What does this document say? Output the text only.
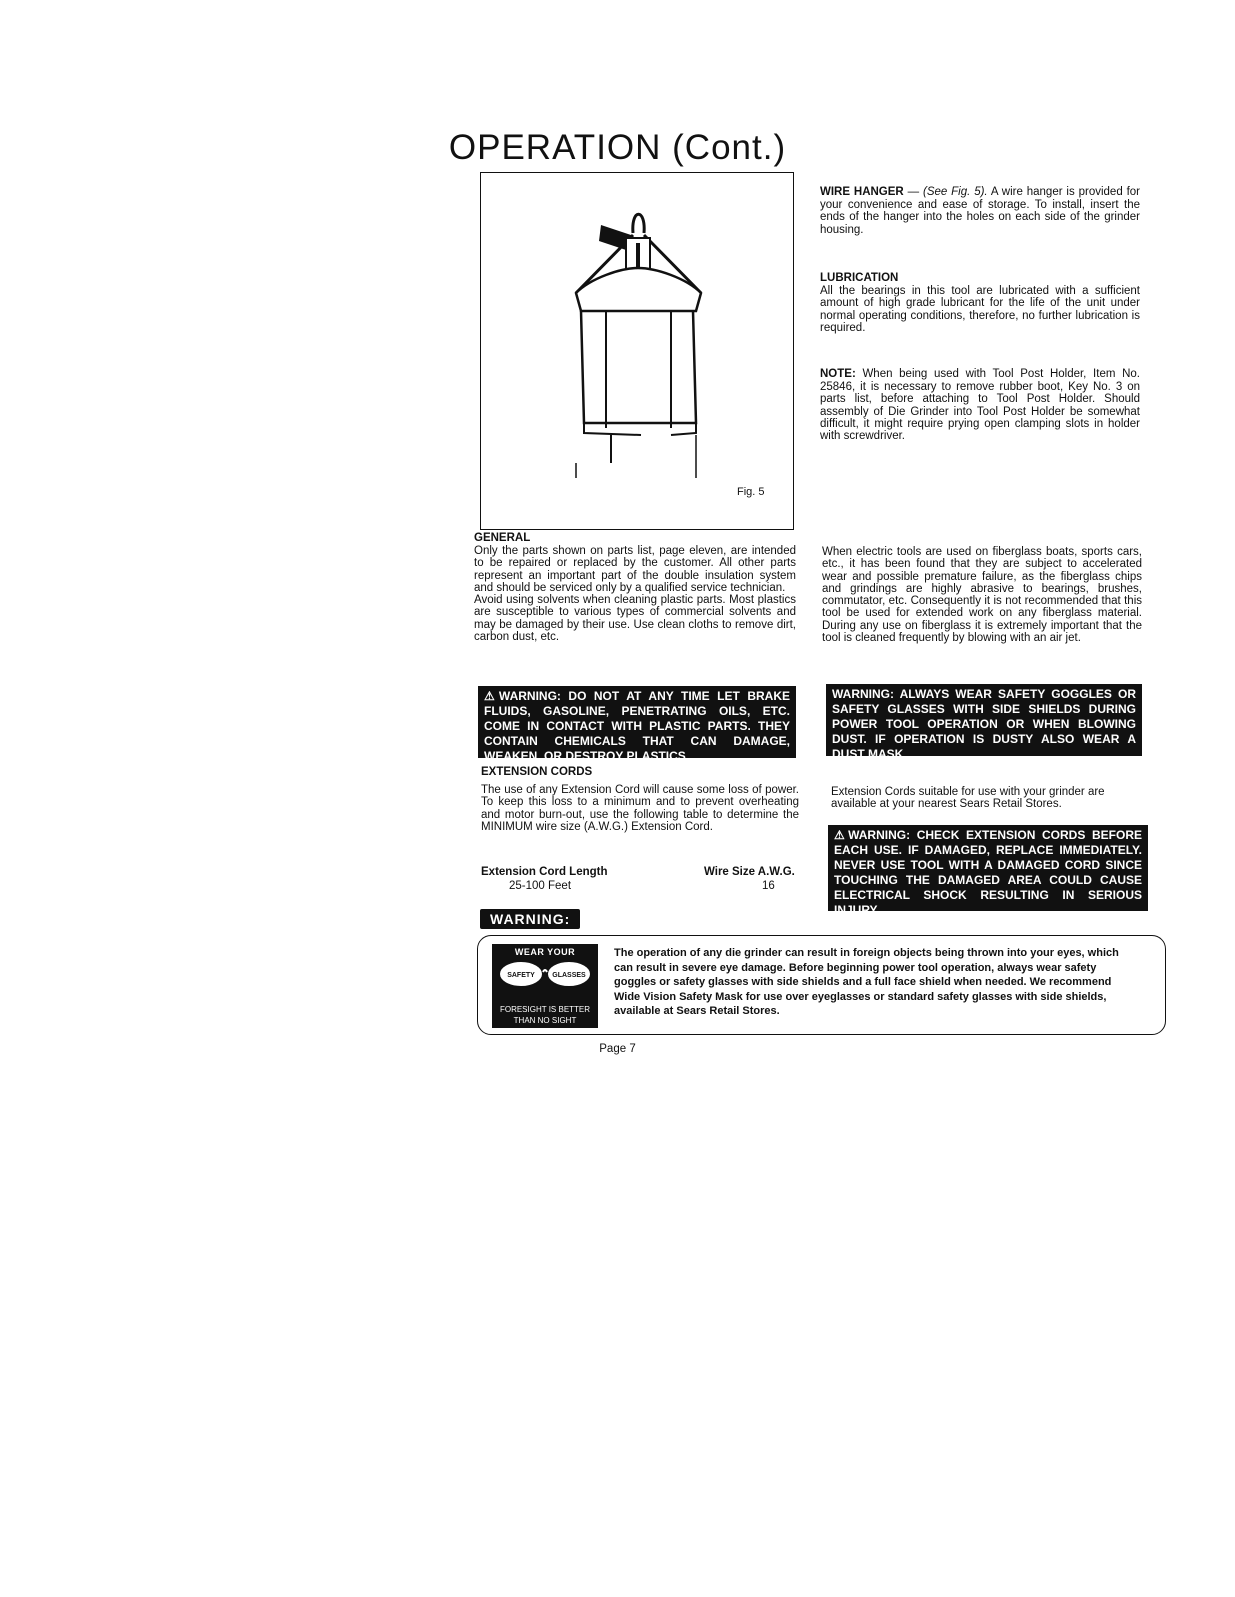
OPERATION (Cont.)
Fig. 5

WIRE HANGER — (See Fig. 5). A wire hanger is provided for your convenience and ease of storage. To install, insert the ends of the hanger into the holes on each side of the grinder housing.

LUBRICATION

All the bearings in this tool are lubricated with a sufficient amount of high grade lubricant for the life of the unit under normal operating conditions, therefore, no further lubrication is required.

NOTE: When being used with Tool Post Holder, Item No. 25846, it is necessary to remove rubber boot, Key No. 3 on parts list, before attaching to Tool Post Holder. Should assembly of Die Grinder into Tool Post Holder be somewhat difficult, it might require prying open clamping slots in holder with screwdriver.

GENERAL

Only the parts shown on parts list, page eleven, are intended to be repaired or replaced by the customer. All other parts represent an important part of the double insulation system and should be serviced only by a qualified service technician.

Avoid using solvents when cleaning plastic parts. Most plastics are susceptible to various types of commercial solvents and may be damaged by their use. Use clean cloths to remove dirt, carbon dust, etc.

When electric tools are used on fiberglass boats, sports cars, etc., it has been found that they are subject to accelerated wear and possible premature failure, as the fiberglass chips and grindings are highly abrasive to bearings, brushes, commutator, etc. Consequently it is not recommended that this tool be used for extended work on any fiberglass material. During any use on fiberglass it is extremely important that the tool is cleaned frequently by blowing with an air jet.

⚠WARNING: DO NOT AT ANY TIME LET BRAKE FLUIDS, GASOLINE, PENETRATING OILS, ETC. COME IN CONTACT WITH PLASTIC PARTS. THEY CONTAIN CHEMICALS THAT CAN DAMAGE, WEAKEN, OR DESTROY PLASTICS.
WARNING: ALWAYS WEAR SAFETY GOGGLES OR SAFETY GLASSES WITH SIDE SHIELDS DURING POWER TOOL OPERATION OR WHEN BLOWING DUST. IF OPERATION IS DUSTY ALSO WEAR A DUST MASK.
EXTENSION CORDS

The use of any Extension Cord will cause some loss of power. To keep this loss to a minimum and to prevent overheating and motor burn-out, use the following table to determine the MINIMUM wire size (A.W.G.) Extension Cord.

Extension Cord Length	Wire Size A.W.G.
25-100 Feet	16

Extension Cords suitable for use with your grinder are available at your nearest Sears Retail Stores.

⚠WARNING: CHECK EXTENSION CORDS BEFORE EACH USE. IF DAMAGED, REPLACE IMMEDIATELY. NEVER USE TOOL WITH A DAMAGED CORD SINCE TOUCHING THE DAMAGED AREA COULD CAUSE ELECTRICAL SHOCK RESULTING IN SERIOUS INJURY.
WARNING:
WEAR YOUR
SAFETY GLASSES
FORESIGHT IS BETTER
THAN NO SIGHT
The operation of any die grinder can result in foreign objects being thrown into your eyes, which can result in severe eye damage. Before beginning power tool operation, always wear safety goggles or safety glasses with side shields and a full face shield when needed. We recommend Wide Vision Safety Mask for use over eyeglasses or standard safety glasses with side shields, available at Sears Retail Stores.
Page 7
